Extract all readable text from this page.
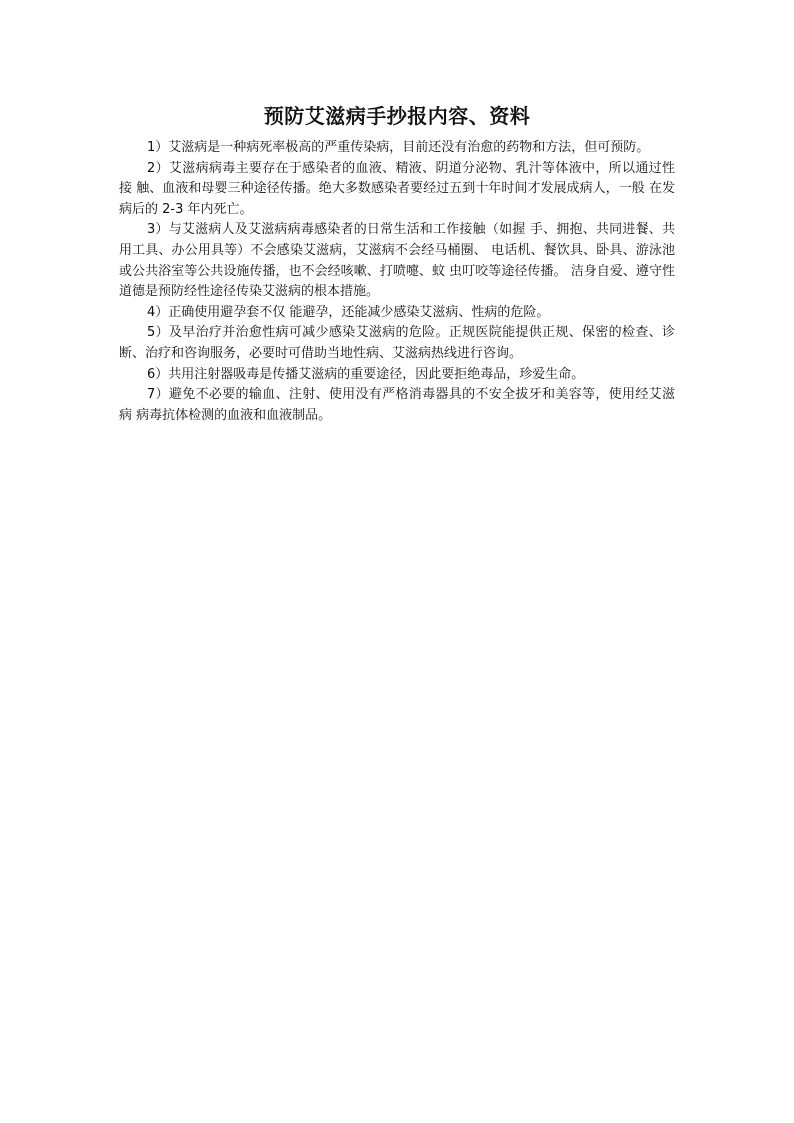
预防艾滋病手抄报内容、资料

1）艾滋病是一种病死率极高的严重传染病，目前还没有治愈的药物和方法，但可预防。

2）艾滋病病毒主要存在于感染者的血液、精液、阴道分泌物、乳汁等体液中，所以通过性接 触、血液和母婴三种途径传播。绝大多数感染者要经过五到十年时间才发展成病人，一般 在发病后的 2-3 年内死亡。

3）与艾滋病人及艾滋病病毒感染者的日常生活和工作接触（如握 手、拥抱、共同进餐、共用工具、办公用具等）不会感染艾滋病，艾滋病不会经马桶圈、 电话机、餐饮具、卧具、游泳池或公共浴室等公共设施传播，也不会经咳嗽、打喷嚏、蚊 虫叮咬等途径传播。 洁身自爱、遵守性道德是预防经性途径传染艾滋病的根本措施。

4）正确使用避孕套不仅 能避孕，还能减少感染艾滋病、性病的危险。

5）及早治疗并治愈性病可减少感染艾滋病的危险。正规医院能提供正规、保密的检查、诊 断、治疗和咨询服务，必要时可借助当地性病、艾滋病热线进行咨询。

6）共用注射器吸毒是传播艾滋病的重要途径，因此要拒绝毒品，珍爱生命。

7）避免不必要的输血、注射、使用没有严格消毒器具的不安全拔牙和美容等，使用经艾滋病 病毒抗体检测的血液和血液制品。
